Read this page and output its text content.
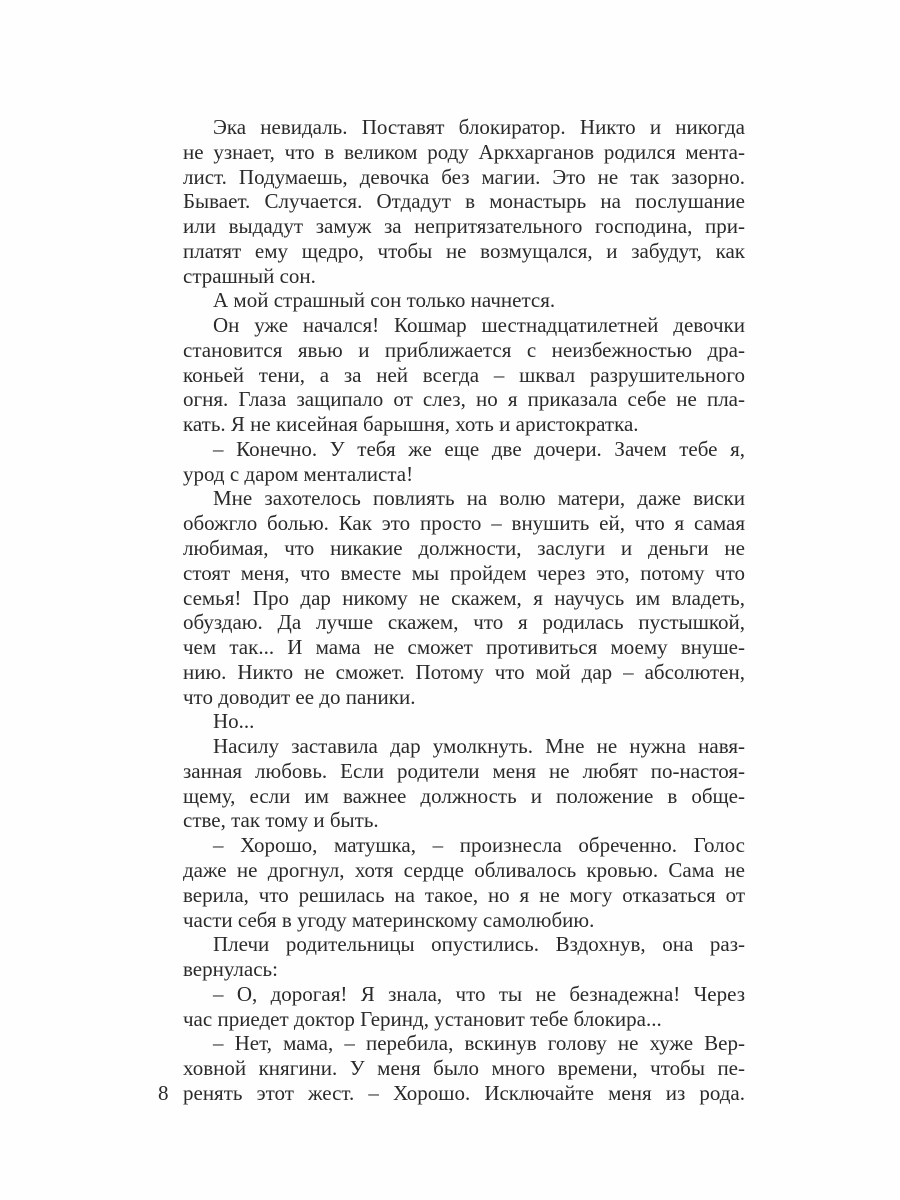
Эка невидаль. Поставят блокиратор. Никто и никогда
не узнает, что в великом роду Аркхарганов родился мента-
лист. Подумаешь, девочка без магии. Это не так зазорно.
Бывает. Случается. Отдадут в монастырь на послушание
или выдадут замуж за непритязательного господина, при-
платят ему щедро, чтобы не возмущался, и забудут, как
страшный сон.
А мой страшный сон только начнется.
Он уже начался! Кошмар шестнадцатилетней девочки
становится явью и приближается с неизбежностью дра-
коньей тени, а за ней всегда – шквал разрушительного
огня. Глаза защипало от слез, но я приказала себе не пла-
кать. Я не кисейная барышня, хоть и аристократка.
– Конечно. У тебя же еще две дочери. Зачем тебе я,
урод с даром менталиста!
Мне захотелось повлиять на волю матери, даже виски
обожгло болью. Как это просто – внушить ей, что я самая
любимая, что никакие должности, заслуги и деньги не
стоят меня, что вместе мы пройдем через это, потому что
семья! Про дар никому не скажем, я научусь им владеть,
обуздаю. Да лучше скажем, что я родилась пустышкой,
чем так... И мама не сможет противиться моему внуше-
нию. Никто не сможет. Потому что мой дар – абсолютен,
что доводит ее до паники.
Но...
Насилу заставила дар умолкнуть. Мне не нужна навя-
занная любовь. Если родители меня не любят по-настоя-
щему, если им важнее должность и положение в обще-
стве, так тому и быть.
– Хорошо, матушка, – произнесла обреченно. Голос
даже не дрогнул, хотя сердце обливалось кровью. Сама не
верила, что решилась на такое, но я не могу отказаться от
части себя в угоду материнскому самолюбию.
Плечи родительницы опустились. Вздохнув, она раз-
вернулась:
– О, дорогая! Я знала, что ты не безнадежна! Через
час приедет доктор Геринд, установит тебе блокира...
– Нет, мама, – перебила, вскинув голову не хуже Вер-
ховной княгини. У меня было много времени, чтобы пе-
ренять этот жест. – Хорошо. Исключайте меня из рода.
8
